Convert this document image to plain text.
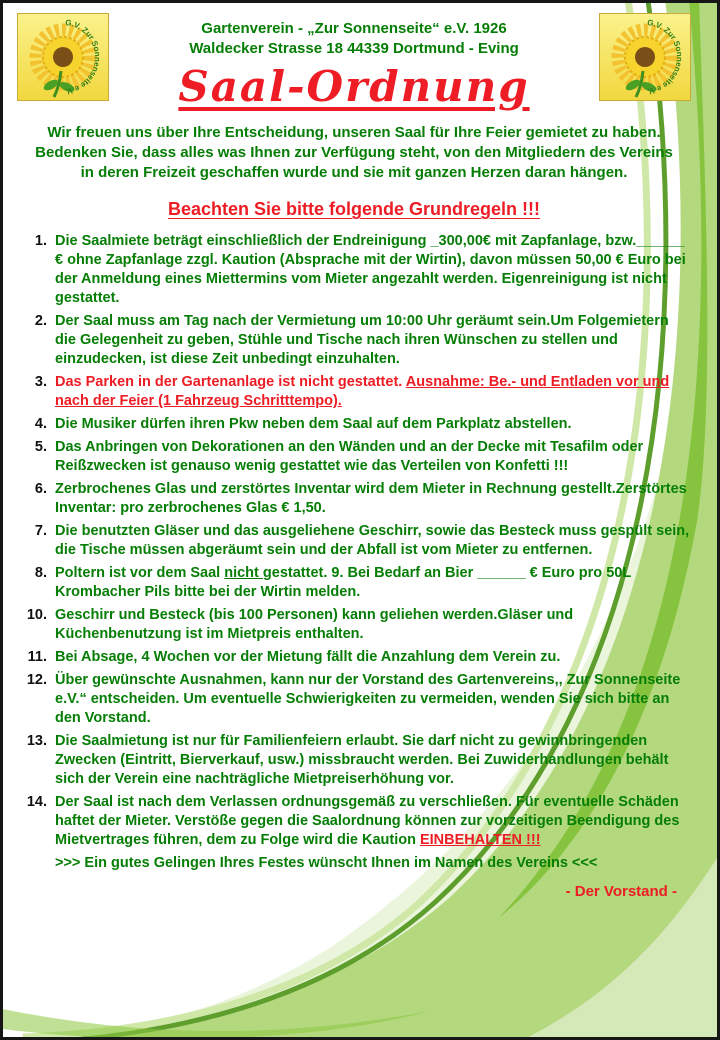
Gartenverein - „Zur Sonnenseite“ e.V. 1926
Waldecker Strasse 18 44339 Dortmund - Eving
Saal-Ordnung
Wir freuen uns über Ihre Entscheidung, unseren Saal für Ihre Feier gemietet zu haben.
Bedenken Sie, dass alles was Ihnen zur Verfügung steht, von den Mitgliedern des Vereins
in deren Freizeit geschaffen wurde und sie mit ganzen Herzen daran hängen.
Beachten Sie bitte folgende Grundregeln !!!
1. Die Saalmiete beträgt einschließlich der Endreinigung _300,00€ mit Zapfanlage, bzw.______ € ohne Zapfanlage zzgl. Kaution (Absprache mit der Wirtin), davon müssen 50,00 € Euro bei der Anmeldung eines Miettermins vom Mieter angezahlt werden. Eigenreinigung ist nicht gestattet.
2. Der Saal muss am Tag nach der Vermietung um 10:00 Uhr geräumt sein.Um Folgemietern die Gelegenheit zu geben, Stühle und Tische nach ihren Wünschen zu stellen und einzudecken, ist diese Zeit unbedingt einzuhalten.
3. Das Parken in der Gartenanlage ist nicht gestattet. Ausnahme: Be.- und Entladen vor und nach der Feier (1 Fahrzeug Schritttempo).
4. Die Musiker dürfen ihren Pkw neben dem Saal auf dem Parkplatz abstellen.
5. Das Anbringen von Dekorationen an den Wänden und an der Decke mit Tesafilm oder Reißzwecken ist genauso wenig gestattet wie das Verteilen von Konfetti !!!
6. Zerbrochenes Glas und zerstörtes Inventar wird dem Mieter in Rechnung gestellt.Zerstörtes Inventar: pro zerbrochenes Glas € 1,50.
7. Die benutzten Gläser und das ausgeliehene Geschirr, sowie das Besteck muss gespült sein, die Tische müssen abgeräumt sein und der Abfall ist vom Mieter zu entfernen.
8. Poltern ist vor dem Saal nicht gestattet. 9. Bei Bedarf an Bier ______ € Euro pro 50L Krombacher Pils bitte bei der Wirtin melden.
10. Geschirr und Besteck (bis 100 Personen) kann geliehen werden.Gläser und Küchenbenutzung ist im Mietpreis enthalten.
11. Bei Absage, 4 Wochen vor der Mietung fällt die Anzahlung dem Verein zu.
12. Über gewünschte Ausnahmen, kann nur der Vorstand des Gartenvereins,, Zur Sonnenseite e.V.“ entscheiden. Um eventuelle Schwierigkeiten zu vermeiden, wenden Sie sich bitte an den Vorstand.
13. Die Saalmietung ist nur für Familienfeiern erlaubt. Sie darf nicht zu gewinnbringenden Zwecken (Eintritt, Bierverkauf, usw.) missbraucht werden. Bei Zuwiderhandlungen behält sich der Verein eine nachträgliche Mietpreiserhöhung vor.
14. Der Saal ist nach dem Verlassen ordnungsgemäß zu verschließen. Für eventuelle Schäden haftet der Mieter. Verstöße gegen die Saalordnung können zur vorzeitigen Beendigung des Mietvertrages führen, dem zu Folge wird die Kaution EINBEHALTEN !!!
>>> Ein gutes Gelingen Ihres Festes wünscht Ihnen im Namen des Vereins <<<
- Der Vorstand -
